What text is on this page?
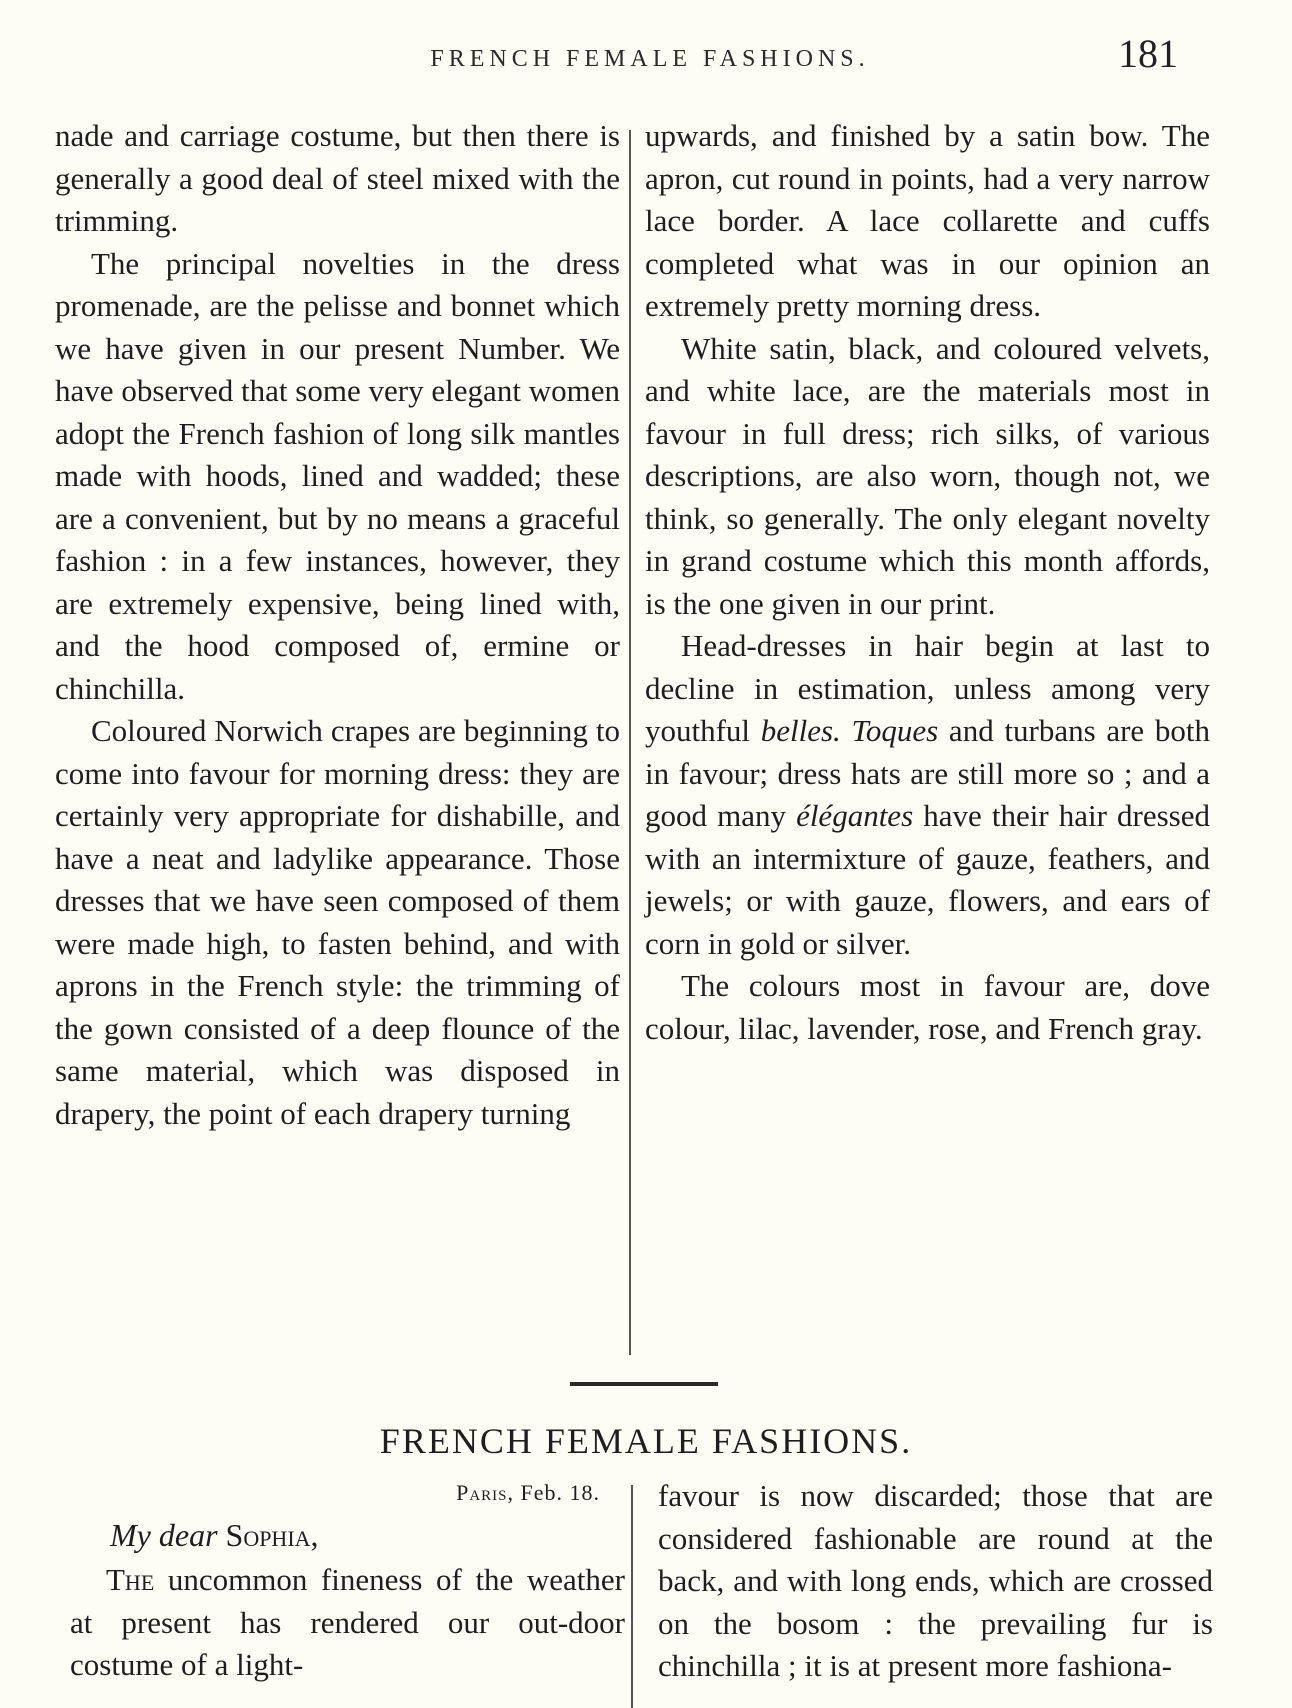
FRENCH FEMALE FASHIONS.	181

nade and carriage costume, but then there is generally a good deal of steel mixed with the trimming.

The principal novelties in the dress promenade, are the pelisse and bonnet which we have given in our present Number. We have observed that some very elegant women adopt the French fashion of long silk mantles made with hoods, lined and wadded; these are a convenient, but by no means a graceful fashion : in a few instances, however, they are extremely expensive, being lined with, and the hood composed of, ermine or chinchilla.

Coloured Norwich crapes are beginning to come into favour for morning dress: they are certainly very appropriate for dishabille, and have a neat and ladylike appearance. Those dresses that we have seen composed of them were made high, to fasten behind, and with aprons in the French style: the trimming of the gown consisted of a deep flounce of the same material, which was disposed in drapery, the point of each drapery turning

upwards, and finished by a satin bow. The apron, cut round in points, had a very narrow lace border. A lace collarette and cuffs completed what was in our opinion an extremely pretty morning dress.

White satin, black, and coloured velvets, and white lace, are the materials most in favour in full dress; rich silks, of various descriptions, are also worn, though not, we think, so generally. The only elegant novelty in grand costume which this month affords, is the one given in our print.

Head-dresses in hair begin at last to decline in estimation, unless among very youthful belles. Toques and turbans are both in favour; dress hats are still more so ; and a good many élégantes have their hair dressed with an intermixture of gauze, feathers, and jewels; or with gauze, flowers, and ears of corn in gold or silver.

The colours most in favour are, dove colour, lilac, lavender, rose, and French gray.

FRENCH FEMALE FASHIONS.
Paris, Feb. 18.
My dear Sophia,

The uncommon fineness of the weather at present has rendered our out-door costume of a light-

favour is now discarded; those that are considered fashionable are round at the back, and with long ends, which are crossed on the bosom : the prevailing fur is chinchilla ; it is at present more fashiona-
